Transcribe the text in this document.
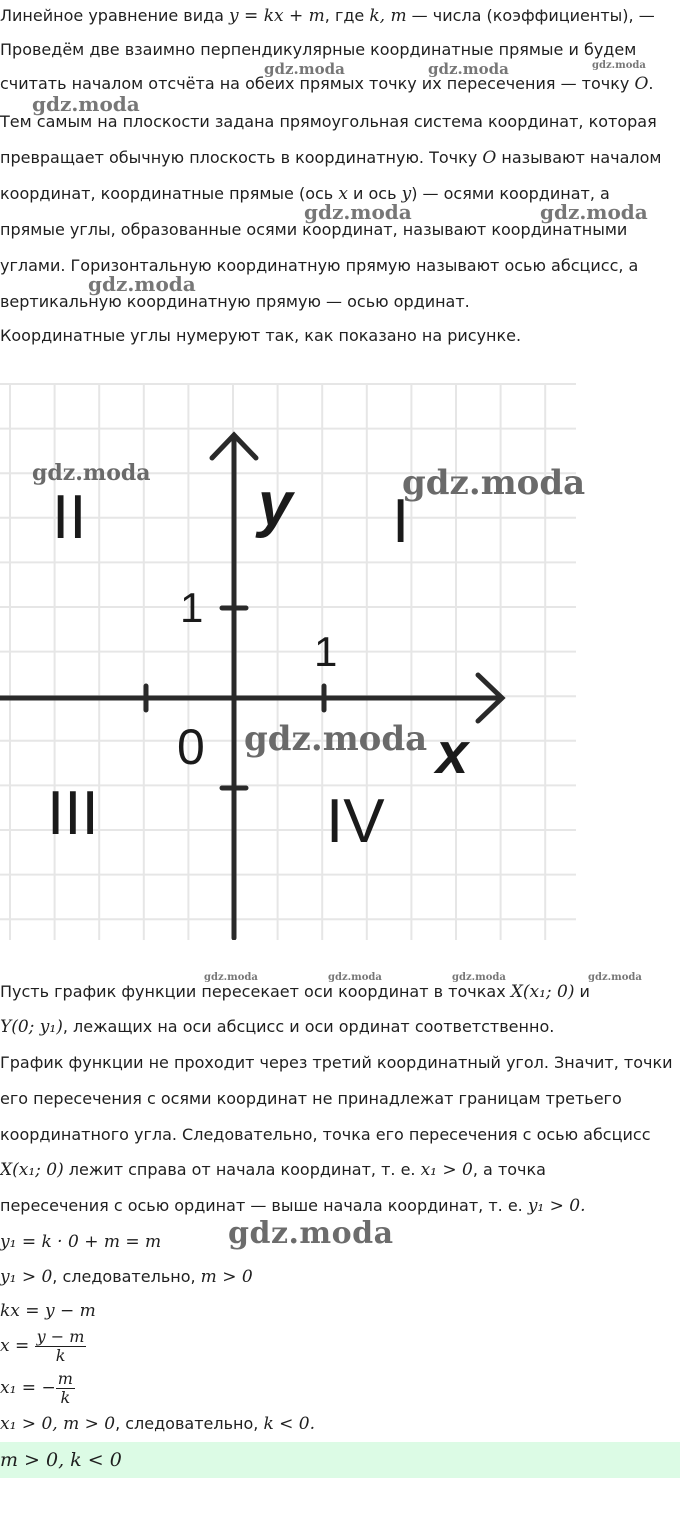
Линейное уравнение вида y = kx + m, где k, m — числа (коэффициенты), —
Проведём две взаимно перпендикулярные координатные прямые и будем
считать началом отсчёта на обеих прямых точку их пересечения — точку O.
Тем самым на плоскости задана прямоугольная система координат, которая
превращает обычную плоскость в координатную. Точку O называют началом
координат, координатные прямые (ось x и ось y) — осями координат, а
прямые углы, образованные осями координат, называют координатными
углами. Горизонтальную координатную прямую называют осью абсцисс, а
вертикальную координатную прямую — осью ординат.
Координатные углы нумеруют так, как показано на рисунке.
II	I
III	IV
y
x
0
1
1
gdz.moda	gdz.moda
gdz.moda
Пусть график функции пересекает оси координат в точках X(x₁; 0) и
Y(0; y₁), лежащих на оси абсцисс и оси ординат соответственно.
График функции не проходит через третий координатный угол. Значит, точки
его пересечения с осями координат не принадлежат границам третьего
координатного угла. Следовательно, точка его пересечения с осью абсцисс
X(x₁; 0) лежит справа от начала координат, т. е. x₁ > 0, а точка
пересечения с осью ординат — выше начала координат, т. е. y₁ > 0.
y₁ = k · 0 + m = m
y₁ > 0, следовательно, m > 0
kx = y − m
$x = \frac{y - m}{k}$
x₁ = − $\frac{m}{k}$
x₁ > 0, m > 0, следовательно, k < 0.
m > 0, k < 0
gdz.moda	gdz.moda	gdz.moda
gdz.moda
gdz.moda	gdz.moda
gdz.moda
gdz.moda	gdz.moda	gdz.moda	gdz.moda
gdz.moda
